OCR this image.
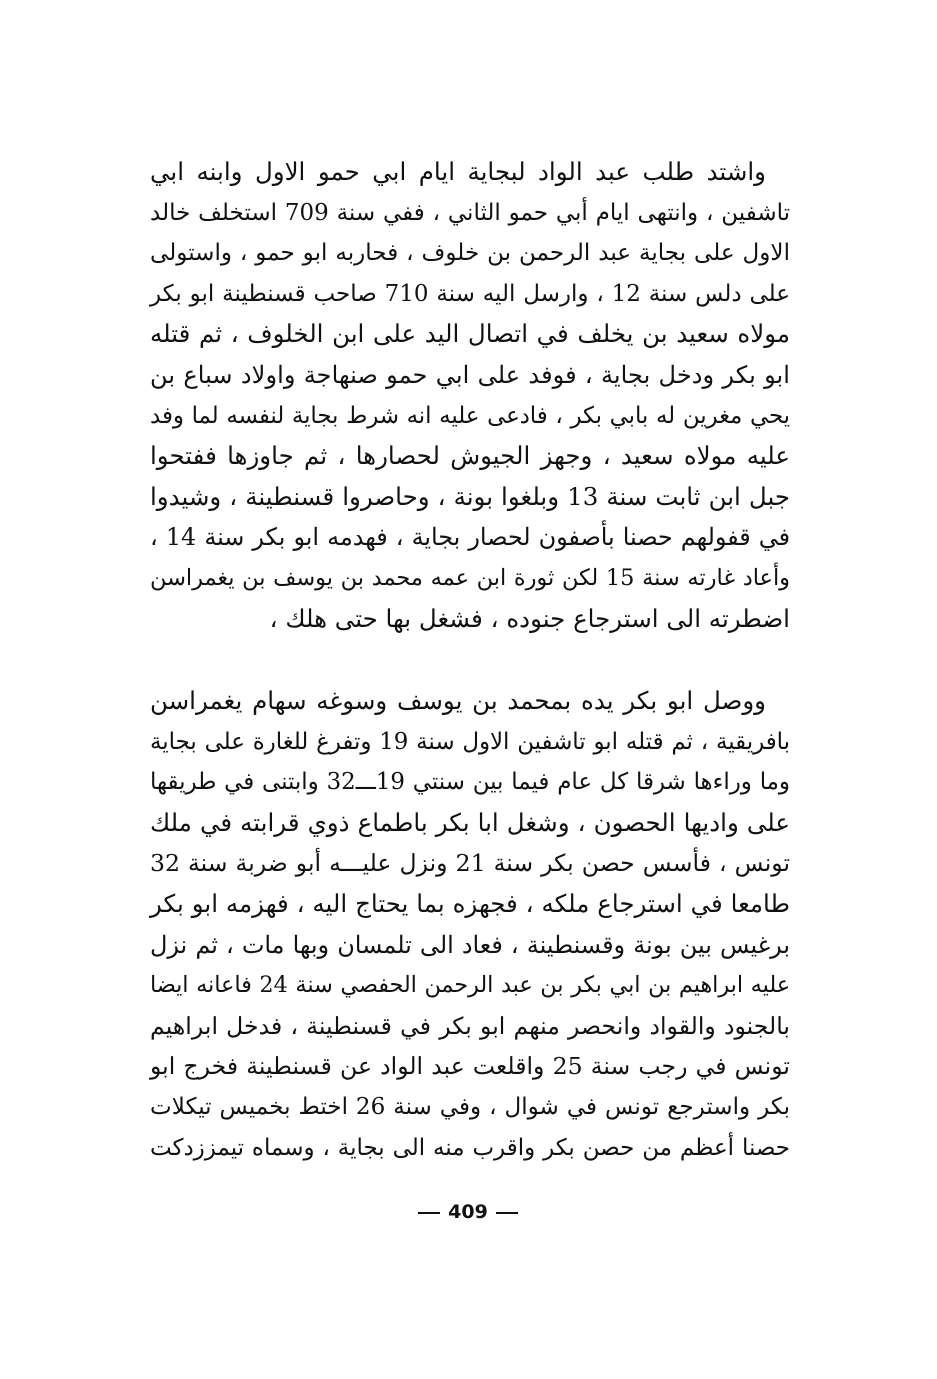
واشتد طلب عبد الواد لبجاية ايام ابي حمو الاول وابنه ابي
تاشفين ، وانتهى ايام أبي حمو الثاني ، ففي سنة 709 استخلف خالد
الاول على بجاية عبد الرحمن بن خلوف ، فحاربه ابو حمو ، واستولى
على دلس سنة 12 ، وارسل اليه سنة 710 صاحب قسنطينة ابو بكر
مولاه سعيد بن يخلف في اتصال اليد على ابن الخلوف ، ثم قتله
ابو بكر ودخل بجاية ، فوفد على ابي حمو صنهاجة واولاد سباع بن
يحي مغرين له بابي بكر ، فادعى عليه انه شرط بجاية لنفسه لما وفد
عليه مولاه سعيد ، وجهز الجيوش لحصارها ، ثم جاوزها ففتحوا
جبل ابن ثابت سنة 13 وبلغوا بونة ، وحاصروا قسنطينة ، وشيدوا
في قفولهم حصنا بأصفون لحصار بجاية ، فهدمه ابو بكر سنة 14 ،
وأعاد غارته سنة 15 لكن ثورة ابن عمه محمد بن يوسف بن يغمراسن
اضطرته الى استرجاع جنوده ، فشغل بها حتى هلك ،
ووصل ابو بكر يده بمحمد بن يوسف وسوغه سهام يغمراسن
بافريقية ، ثم قتله ابو تاشفين الاول سنة 19 وتفرغ للغارة على بجاية
وما وراءها شرقا كل عام فيما بين سنتي 19ـــ32 وابتنى في طريقها
على واديها الحصون ، وشغل ابا بكر باطماع ذوي قرابته في ملك
تونس ، فأسس حصن بكر سنة 21 ونزل عليـــه أبو ضربة سنة 32
طامعا في استرجاع ملكه ، فجهزه بما يحتاج اليه ، فهزمه ابو بكر
برغيس بين بونة وقسنطينة ، فعاد الى تلمسان وبها مات ، ثم نزل
عليه ابراهيم بن ابي بكر بن عبد الرحمن الحفصي سنة 24 فاعانه ايضا
بالجنود والقواد وانحصر منهم ابو بكر في قسنطينة ، فدخل ابراهيم
تونس في رجب سنة 25 واقلعت عبد الواد عن قسنطينة فخرج ابو
بكر واسترجع تونس في شوال ، وفي سنة 26 اختط بخميس تيكلات
حصنا أعظم من حصن بكر واقرب منه الى بجاية ، وسماه تيمززدكت
409
